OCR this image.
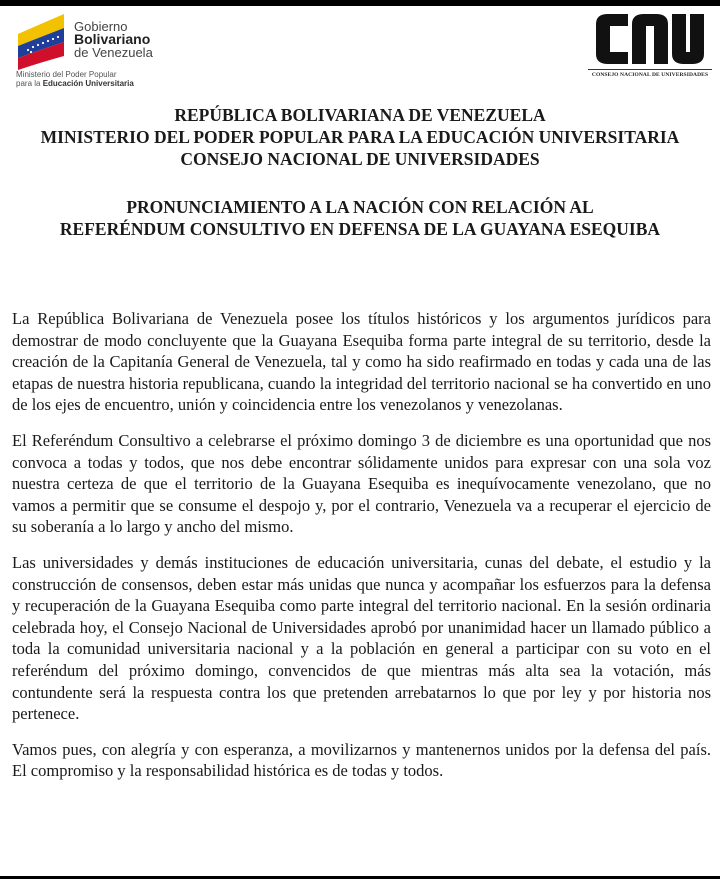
Gobierno
Bolivariano
de Venezuela
Ministerio del Poder Popular
para la Educación Universitaria
CONSEJO NACIONAL DE UNIVERSIDADES
REPÚBLICA BOLIVARIANA DE VENEZUELA
MINISTERIO DEL PODER POPULAR PARA LA EDUCACIÓN UNIVERSITARIA
CONSEJO NACIONAL DE UNIVERSIDADES
PRONUNCIAMIENTO A LA NACIÓN CON RELACIÓN AL
REFERÉNDUM CONSULTIVO EN DEFENSA DE LA GUAYANA ESEQUIBA

La República Bolivariana de Venezuela posee los títulos históricos y los argumentos jurídicos para demostrar de modo concluyente que la Guayana Esequiba forma parte integral de su territorio, desde la creación de la Capitanía General de Venezuela, tal y como ha sido reafirmado en todas y cada una de las etapas de nuestra historia republicana, cuando la integridad del territorio nacional se ha convertido en uno de los ejes de encuentro, unión y coincidencia entre los venezolanos y venezolanas.

El Referéndum Consultivo a celebrarse el próximo domingo 3 de diciembre es una oportunidad que nos convoca a todas y todos, que nos debe encontrar sólidamente unidos para expresar con una sola voz nuestra certeza de que el territorio de la Guayana Esequiba es inequívocamente venezolano, que no vamos a permitir que se consume el despojo y, por el contrario, Venezuela va a recuperar el ejercicio de su soberanía a lo largo y ancho del mismo.

Las universidades y demás instituciones de educación universitaria, cunas del debate, el estudio y la construcción de consensos, deben estar más unidas que nunca y acompañar los esfuerzos para la defensa y recuperación de la Guayana Esequiba como parte integral del territorio nacional. En la sesión ordinaria celebrada hoy, el Consejo Nacional de Universidades aprobó por unanimidad hacer un llamado público a toda la comunidad universitaria nacional y a la población en general a participar con su voto en el referéndum del próximo domingo, convencidos de que mientras más alta sea la votación, más contundente será la respuesta contra los que pretenden arrebatarnos lo que por ley y por historia nos pertenece.

Vamos pues, con alegría y con esperanza, a movilizarnos y mantenernos unidos por la defensa del país. El compromiso y la responsabilidad histórica es de todas y todos.
